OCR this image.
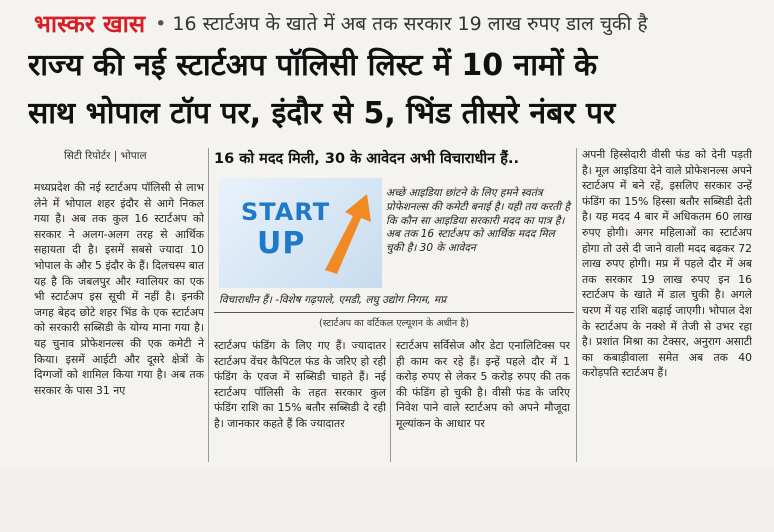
भास्कर खास
•	16 स्टार्टअप के खाते में अब तक सरकार 19 लाख रुपए डाल चुकी है
राज्य की नई स्टार्टअप पॉलिसी लिस्ट में 10 नामों के
साथ भोपाल टॉप पर, इंदौर से 5, भिंड तीसरे नंबर पर
सिटी रिपोर्टर | भोपाल
मध्यप्रदेश की नई स्टार्टअप पॉलिसी से लाभ लेने में भोपाल शहर इंदौर से आगे निकल गया है। अब तक कुल 16 स्टार्टअप को सरकार ने अलग-अलग तरह से आर्थिक सहायता दी है। इसमें सबसे ज्यादा 10 भोपाल के और 5 इंदौर के हैं। दिलचस्प बात यह है कि जबलपुर और ग्वालियर का एक भी स्टार्टअप इस सूची में नहीं है। इनकी जगह बेहद छोटे शहर भिंड के एक स्टार्टअप को सरकारी सब्सिडी के योग्य माना गया है। यह चुनाव प्रोफेशनल्स की एक कमेटी ने किया। इसमें आईटी और दूसरे क्षेत्रों के दिग्गजों को शामिल किया गया है। अब तक सरकार के पास 31 नए
16 को मदद मिली, 30 के आवेदन अभी विचाराधीन हैं..
START
UP
अच्छे आइडिया छांटने के लिए हमने स्वतंत्र प्रोफेशनल्स की कमेटी बनाई है। यही तय करती है कि कौन सा आइडिया सरकारी मदद का पात्र है। अब तक 16 स्टार्टअप को आर्थिक मदद मिल चुकी है। 30 के आवेदन
विचाराधीन हैं। -विशेष गढ़पाले, एमडी, लघु उद्योग निगम, मप्र
(स्टार्टअप का वर्टिकल एल्यूशन के अधीन है)
स्टार्टअप फंडिंग के लिए गए हैं। ज्यादातर स्टार्टअप वेंचर कैपिटल फंड के जरिए हो रही फंडिंग के एवज में सब्सिडी चाहते हैं। नई स्टार्टअप पॉलिसी के तहत सरकार कुल फंडिंग राशि का 15% बतौर सब्सिडी दे रही है। जानकार कहते हैं कि ज्यादातर
स्टार्टअप सर्विसेज और डेटा एनालिटिक्स पर ही काम कर रहे हैं। इन्हें पहले दौर में 1 करोड़ रुपए से लेकर 5 करोड़ रुपए की तक की फंडिंग हो चुकी है। वीसी फंड के जरिए निवेश पाने वाले स्टार्टअप को अपने मौजूदा मूल्यांकन के आधार पर
अपनी हिस्सेदारी वीसी फंड को देनी पड़ती है। मूल आइडिया देने वाले प्रोफेशनल्स अपने स्टार्टअप में बने रहें, इसलिए सरकार उन्हें फंडिंग का 15% हिस्सा बतौर सब्सिडी देती है। यह मदद 4 बार में अधिकतम 60 लाख रुपए होगी। अगर महिलाओं का स्टार्टअप होगा तो उसे दी जाने वाली मदद बढ़कर 72 लाख रुपए होगी। मप्र में पहले दौर में अब तक सरकार 19 लाख रुपए इन 16 स्टार्टअप के खाते में डाल चुकी है। अगले चरण में यह राशि बढ़ाई जाएगी। भोपाल देश के स्टार्टअप के नक्शे में तेजी से उभर रहा है। प्रशांत मिश्रा का टेक्सर, अनुराग असाटी का कबाड़ीवाला समेत अब तक 40 करोड़पति स्टार्टअप हैं।
